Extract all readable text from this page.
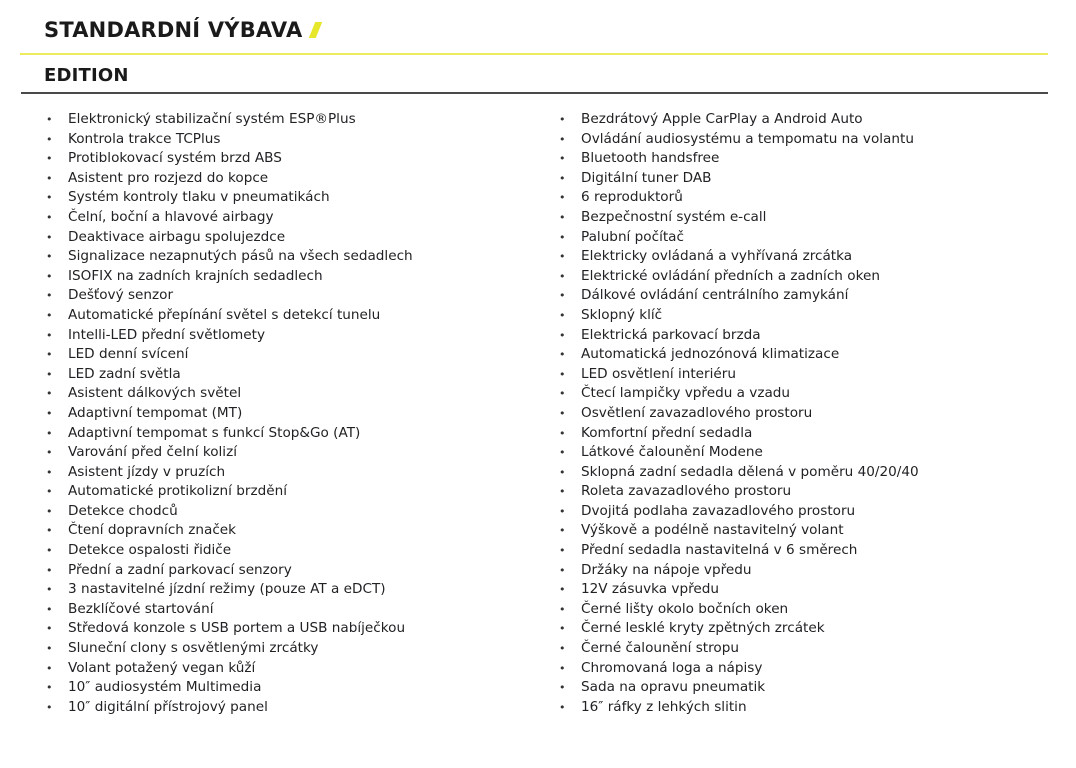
STANDARDNÍ VÝBAVA
EDITION
• Elektronický stabilizační systém ESP®Plus
• Kontrola trakce TCPlus
• Protiblokovací systém brzd ABS
• Asistent pro rozjezd do kopce
• Systém kontroly tlaku v pneumatikách
• Čelní, boční a hlavové airbagy
• Deaktivace airbagu spolujezdce
• Signalizace nezapnutých pásů na všech sedadlech
• ISOFIX na zadních krajních sedadlech
• Dešťový senzor
• Automatické přepínání světel s detekcí tunelu
• Intelli-LED přední světlomety
• LED denní svícení
• LED zadní světla
• Asistent dálkových světel
• Adaptivní tempomat (MT)
• Adaptivní tempomat s funkcí Stop&Go (AT)
• Varování před čelní kolizí
• Asistent jízdy v pruzích
• Automatické protikolizní brzdění
• Detekce chodců
• Čtení dopravních značek
• Detekce ospalosti řidiče
• Přední a zadní parkovací senzory
• 3 nastavitelné jízdní režimy (pouze AT a eDCT)
• Bezklíčové startování
• Středová konzole s USB portem a USB nabíječkou
• Sluneční clony s osvětlenými zrcátky
• Volant potažený vegan kůží
• 10″ audiosystém Multimedia
• 10″ digitální přístrojový panel
• Bezdrátový Apple CarPlay a Android Auto
• Ovládání audiosystému a tempomatu na volantu
• Bluetooth handsfree
• Digitální tuner DAB
• 6 reproduktorů
• Bezpečnostní systém e-call
• Palubní počítač
• Elektricky ovládaná a vyhřívaná zrcátka
• Elektrické ovládání předních a zadních oken
• Dálkové ovládání centrálního zamykání
• Sklopný klíč
• Elektrická parkovací brzda
• Automatická jednozónová klimatizace
• LED osvětlení interiéru
• Čtecí lampičky vpředu a vzadu
• Osvětlení zavazadlového prostoru
• Komfortní přední sedadla
• Látkové čalounění Modene
• Sklopná zadní sedadla dělená v poměru 40/20/40
• Roleta zavazadlového prostoru
• Dvojitá podlaha zavazadlového prostoru
• Výškově a podélně nastavitelný volant
• Přední sedadla nastavitelná v 6 směrech
• Držáky na nápoje vpředu
• 12V zásuvka vpředu
• Černé lišty okolo bočních oken
• Černé lesklé kryty zpětných zrcátek
• Černé čalounění stropu
• Chromovaná loga a nápisy
• Sada na opravu pneumatik
• 16″ ráfky z lehkých slitin
